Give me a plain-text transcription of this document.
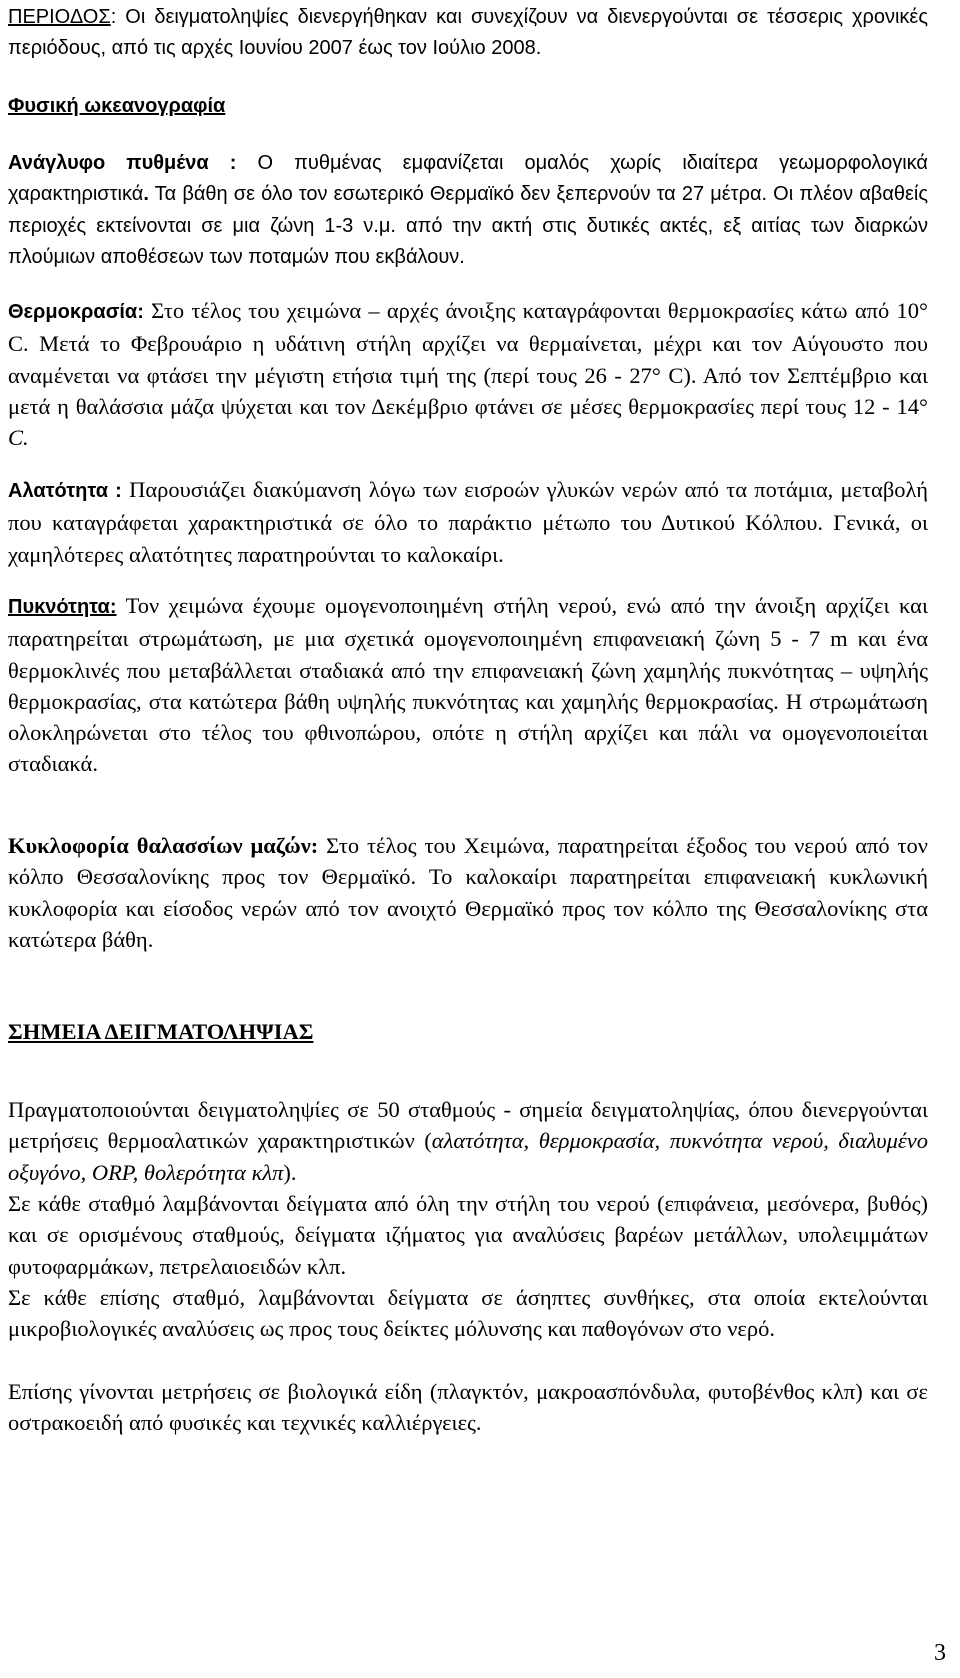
ΠΕΡΙΟΔΟΣ: Οι δειγματοληψίες διενεργήθηκαν και συνεχίζουν να διενεργούνται σε τέσσερις χρονικές περιόδους, από τις αρχές Ιουνίου 2007 έως τον Ιούλιο 2008.
Φυσική ωκεανογραφία
Ανάγλυφο πυθμένα : Ο πυθμένας εμφανίζεται ομαλός χωρίς ιδιαίτερα γεωμορφολογικά χαρακτηριστικά. Τα βάθη σε όλο τον εσωτερικό Θερμαϊκό δεν ξεπερνούν τα 27 μέτρα. Οι πλέον αβαθείς περιοχές εκτείνονται σε μια ζώνη 1-3 ν.μ. από την ακτή στις δυτικές ακτές, εξ αιτίας των διαρκών πλούμιων αποθέσεων των ποταμών που εκβάλουν.
Θερμοκρασία: Στο τέλος του χειμώνα – αρχές άνοιξης καταγράφονται θερμοκρασίες κάτω από 10° C. Μετά το Φεβρουάριο η υδάτινη στήλη αρχίζει να θερμαίνεται, μέχρι και τον Αύγουστο που αναμένεται να φτάσει την μέγιστη ετήσια τιμή της (περί τους 26 - 27° C). Από τον Σεπτέμβριο και μετά η θαλάσσια μάζα ψύχεται και τον Δεκέμβριο φτάνει σε μέσες θερμοκρασίες περί τους 12 - 14° C.
Αλατότητα : Παρουσιάζει διακύμανση λόγω των εισροών γλυκών νερών από τα ποτάμια, μεταβολή που καταγράφεται χαρακτηριστικά σε όλο το παράκτιο μέτωπο του Δυτικού Κόλπου. Γενικά, οι χαμηλότερες αλατότητες παρατηρούνται το καλοκαίρι.
Πυκνότητα: Τον χειμώνα έχουμε ομογενοποιημένη στήλη νερού, ενώ από την άνοιξη αρχίζει και παρατηρείται στρωμάτωση, με μια σχετικά ομογενοποιημένη επιφανειακή ζώνη 5 - 7 m και ένα θερμοκλινές που μεταβάλλεται σταδιακά από την επιφανειακή ζώνη χαμηλής πυκνότητας – υψηλής θερμοκρασίας, στα κατώτερα βάθη υψηλής πυκνότητας και χαμηλής θερμοκρασίας. Η στρωμάτωση ολοκληρώνεται στο τέλος του φθινοπώρου, οπότε η στήλη αρχίζει και πάλι να ομογενοποιείται σταδιακά.
Κυκλοφορία θαλασσίων μαζών: Στο τέλος του Χειμώνα, παρατηρείται έξοδος του νερού από τον κόλπο Θεσσαλονίκης προς τον Θερμαϊκό. Το καλοκαίρι παρατηρείται επιφανειακή κυκλωνική κυκλοφορία και είσοδος νερών από τον ανοιχτό Θερμαϊκό προς τον κόλπο της Θεσσαλονίκης στα κατώτερα βάθη.
ΣΗΜΕΙΑ ΔΕΙΓΜΑΤΟΛΗΨΙΑΣ
Πραγματοποιούνται δειγματοληψίες σε 50 σταθμούς - σημεία δειγματοληψίας, όπου διενεργούνται μετρήσεις θερμοαλατικών χαρακτηριστικών (αλατότητα, θερμοκρασία, πυκνότητα νερού, διαλυμένο οξυγόνο, ORP, θολερότητα κλπ).
Σε κάθε σταθμό λαμβάνονται δείγματα από όλη την στήλη του νερού (επιφάνεια, μεσόνερα, βυθός) και σε ορισμένους σταθμούς, δείγματα ιζήματος για αναλύσεις βαρέων μετάλλων, υπολειμμάτων φυτοφαρμάκων, πετρελαιοειδών κλπ.
Σε κάθε επίσης σταθμό, λαμβάνονται δείγματα σε άσηπτες συνθήκες, στα οποία εκτελούνται μικροβιολογικές αναλύσεις ως προς τους δείκτες μόλυνσης και παθογόνων στο νερό.
Επίσης γίνονται μετρήσεις σε βιολογικά είδη (πλαγκτόν, μακροασπόνδυλα, φυτοβένθος κλπ) και σε οστρακοειδή από φυσικές και τεχνικές καλλιέργειες.
3
